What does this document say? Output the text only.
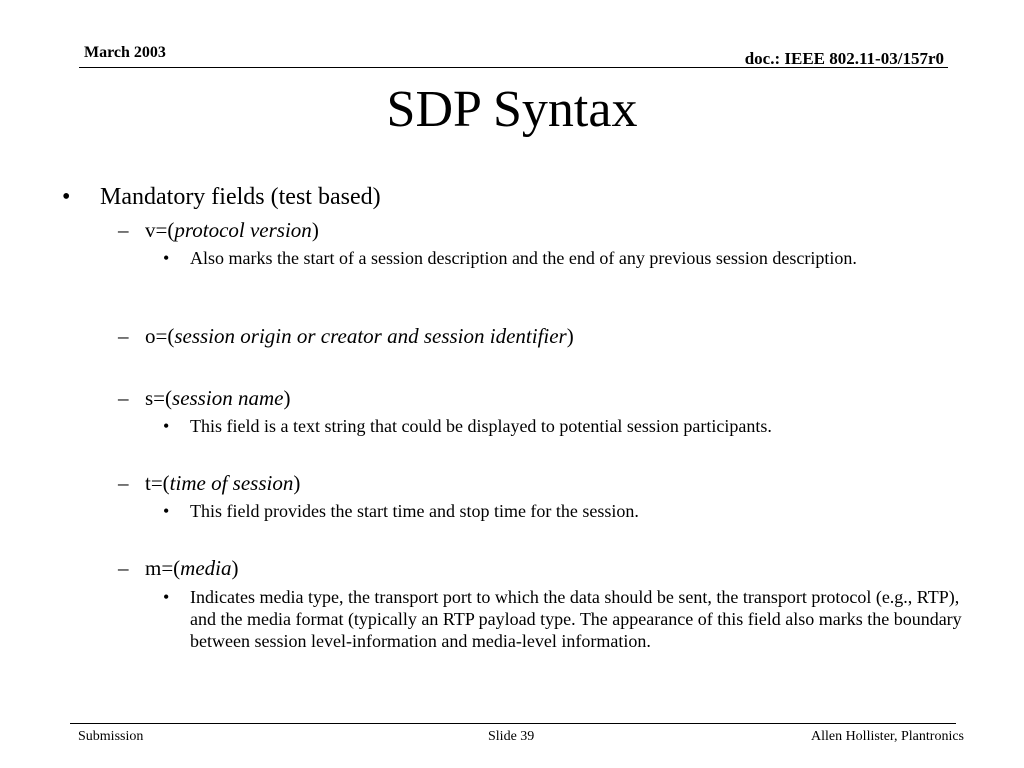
March 2003	doc.: IEEE 802.11-03/157r0
SDP Syntax
• Mandatory fields (test based)
– v=(protocol version)
• Also marks the start of a session description and the end of any previous session description.
– o=(session origin or creator and session identifier)
– s=(session name)
• This field is a text string that could be displayed to potential session participants.
– t=(time of session)
• This field provides the start time and stop time for the session.
– m=(media)
• Indicates media type, the transport port to which the data should be sent, the transport protocol (e.g., RTP), and the media format (typically an RTP payload type. The appearance of this field also marks the boundary between session level-information and media-level information.
Submission	Slide 39	Allen Hollister, Plantronics
